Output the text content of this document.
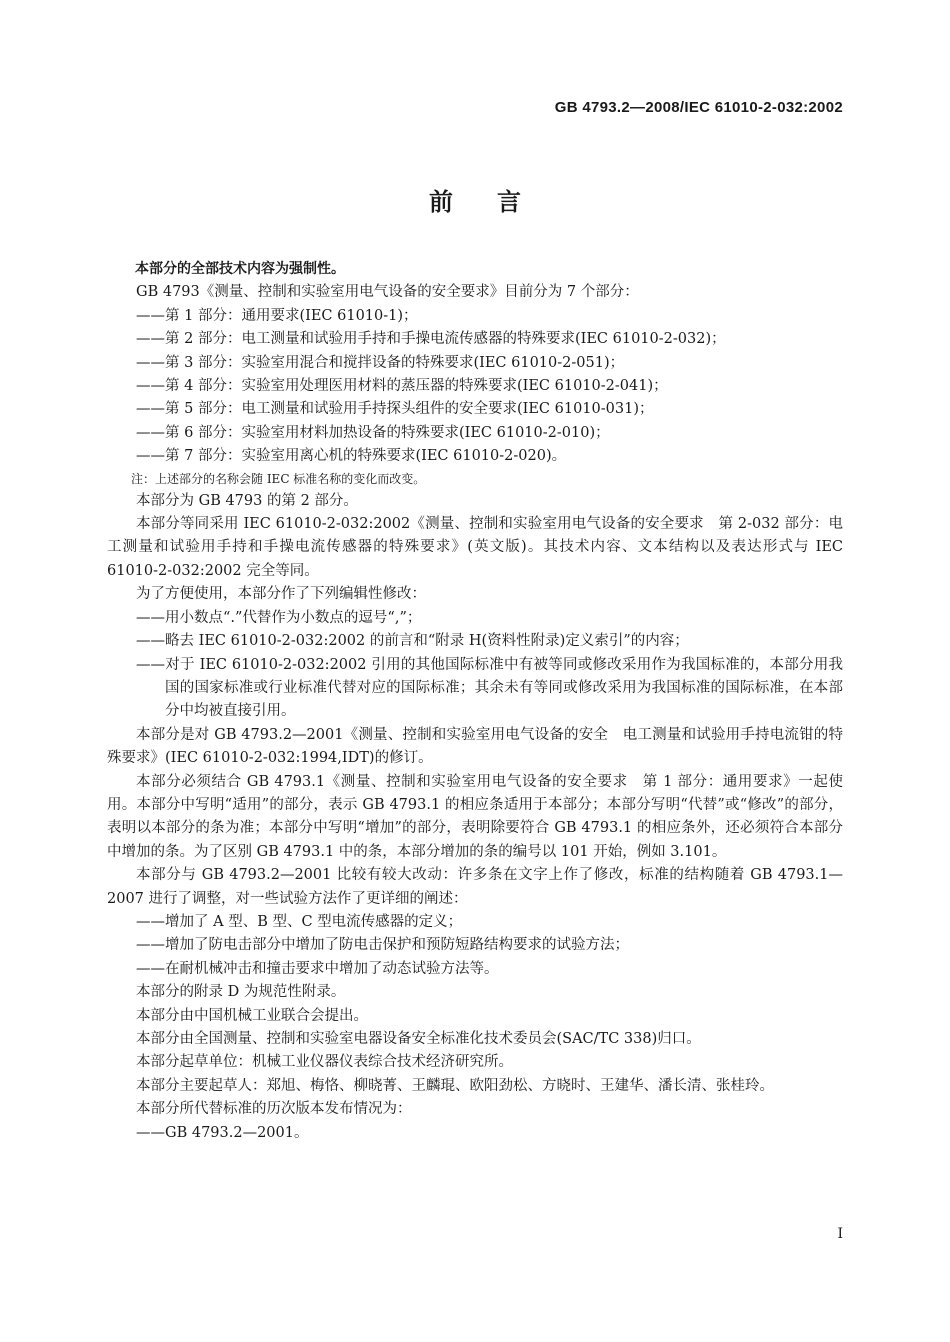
GB 4793.2—2008/IEC 61010-2-032:2002
前言

本部分的全部技术内容为强制性。

GB 4793《测量、控制和实验室用电气设备的安全要求》目前分为 7 个部分：

——第 1 部分：通用要求(IEC 61010-1)；

——第 2 部分：电工测量和试验用手持和手操电流传感器的特殊要求(IEC 61010-2-032)；

——第 3 部分：实验室用混合和搅拌设备的特殊要求(IEC 61010-2-051)；

——第 4 部分：实验室用处理医用材料的蒸压器的特殊要求(IEC 61010-2-041)；

——第 5 部分：电工测量和试验用手持探头组件的安全要求(IEC 61010-031)；

——第 6 部分：实验室用材料加热设备的特殊要求(IEC 61010-2-010)；

——第 7 部分：实验室用离心机的特殊要求(IEC 61010-2-020)。

注：上述部分的名称会随 IEC 标准名称的变化而改变。

本部分为 GB 4793 的第 2 部分。

本部分等同采用 IEC 61010-2-032:2002《测量、控制和实验室用电气设备的安全要求　第 2-032 部分：电工测量和试验用手持和手操电流传感器的特殊要求》(英文版)。其技术内容、文本结构以及表达形式与 IEC 61010-2-032:2002 完全等同。

为了方便使用，本部分作了下列编辑性修改：

——用小数点“.”代替作为小数点的逗号“,”；

——略去 IEC 61010-2-032:2002 的前言和“附录 H(资料性附录)定义索引”的内容；

——对于 IEC 61010-2-032:2002 引用的其他国际标准中有被等同或修改采用作为我国标准的，本部分用我国的国家标准或行业标准代替对应的国际标准；其余未有等同或修改采用为我国标准的国际标准，在本部分中均被直接引用。

本部分是对 GB 4793.2—2001《测量、控制和实验室用电气设备的安全　电工测量和试验用手持电流钳的特殊要求》(IEC 61010-2-032:1994,IDT)的修订。

本部分必须结合 GB 4793.1《测量、控制和实验室用电气设备的安全要求　第 1 部分：通用要求》一起使用。本部分中写明“适用”的部分，表示 GB 4793.1 的相应条适用于本部分；本部分写明“代替”或“修改”的部分，表明以本部分的条为准；本部分中写明“增加”的部分，表明除要符合 GB 4793.1 的相应条外，还必须符合本部分中增加的条。为了区别 GB 4793.1 中的条，本部分增加的条的编号以 101 开始，例如 3.101。

本部分与 GB 4793.2—2001 比较有较大改动：许多条在文字上作了修改，标准的结构随着 GB 4793.1—2007 进行了调整，对一些试验方法作了更详细的阐述：

——增加了 A 型、B 型、C 型电流传感器的定义；

——增加了防电击部分中增加了防电击保护和预防短路结构要求的试验方法；

——在耐机械冲击和撞击要求中增加了动态试验方法等。

本部分的附录 D 为规范性附录。

本部分由中国机械工业联合会提出。

本部分由全国测量、控制和实验室电器设备安全标准化技术委员会(SAC/TC 338)归口。

本部分起草单位：机械工业仪器仪表综合技术经济研究所。

本部分主要起草人：郑旭、梅恪、柳晓菁、王麟琨、欧阳劲松、方晓时、王建华、潘长清、张桂玲。

本部分所代替标准的历次版本发布情况为：

——GB 4793.2—2001。

I
